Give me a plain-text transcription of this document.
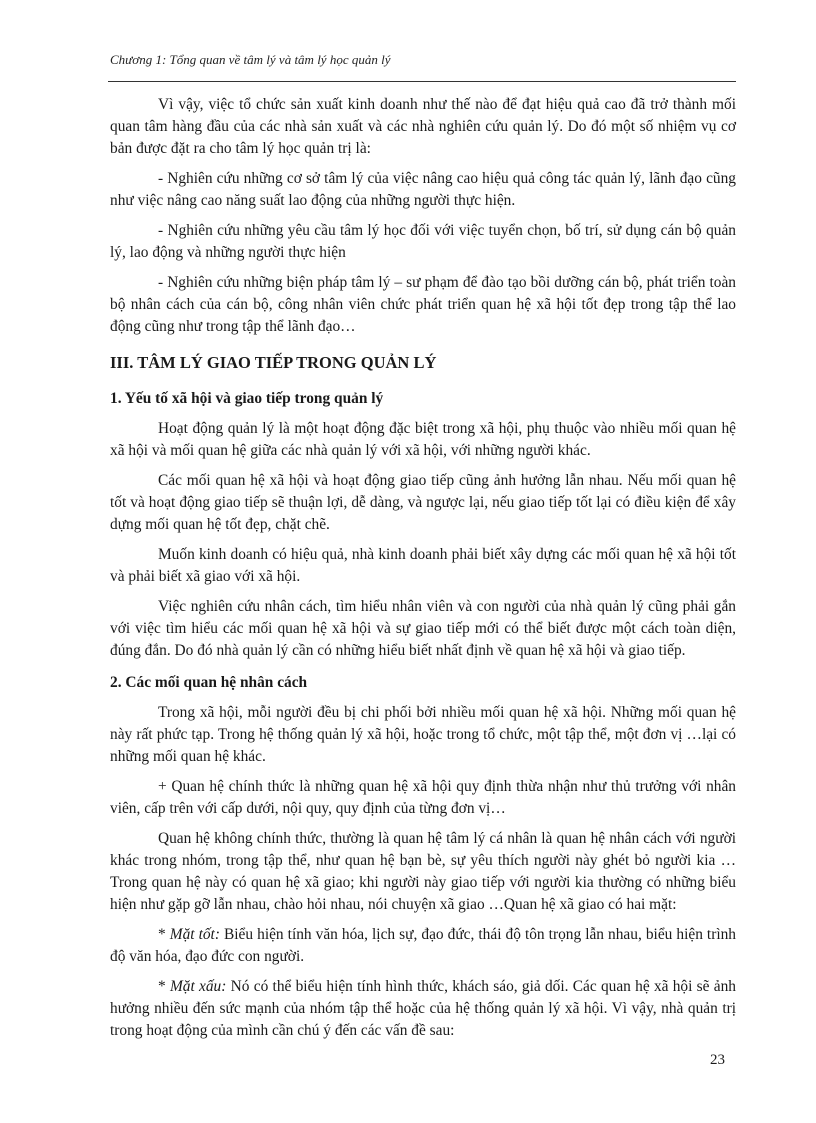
Chương 1: Tổng quan về tâm lý và tâm lý học quản lý

Vì vậy, việc tổ chức sản xuất kinh doanh như thế nào để đạt hiệu quả cao đã trở thành mối quan tâm hàng đầu của các nhà sản xuất và các nhà nghiên cứu quản lý. Do đó một số nhiệm vụ cơ bản được đặt ra cho tâm lý học quản trị là:

- Nghiên cứu những cơ sở tâm lý của việc nâng cao hiệu quả công tác quản lý, lãnh đạo cũng như việc nâng cao năng suất lao động của những người thực hiện.

- Nghiên cứu những yêu cầu tâm lý học đối với việc tuyển chọn, bố trí, sử dụng cán bộ quản lý, lao động và những người thực hiện

- Nghiên cứu những biện pháp tâm lý – sư phạm để đào tạo bồi dưỡng cán bộ, phát triển toàn bộ nhân cách của cán bộ, công nhân viên chức phát triển quan hệ xã hội tốt đẹp trong tập thể lao động cũng như trong tập thể lãnh đạo…

III. TÂM LÝ GIAO TIẾP TRONG QUẢN LÝ
1. Yếu tố xã hội và giao tiếp trong quản lý

Hoạt động quản lý là một hoạt động đặc biệt trong xã hội, phụ thuộc vào nhiều mối quan hệ xã hội và mối quan hệ giữa các nhà quản lý với xã hội, với những người khác.

Các mối quan hệ xã hội và hoạt động giao tiếp cũng ảnh hưởng lẫn nhau. Nếu mối quan hệ tốt và hoạt động giao tiếp sẽ thuận lợi, dễ dàng, và ngược lại, nếu giao tiếp tốt lại có điều kiện để xây dựng mối quan hệ tốt đẹp, chặt chẽ.

Muốn kinh doanh có hiệu quả, nhà kinh doanh phải biết xây dựng các mối quan hệ xã hội tốt và phải biết xã giao với xã hội.

Việc nghiên cứu nhân cách, tìm hiểu nhân viên và con người của nhà quản lý cũng phải gắn với việc tìm hiểu các mối quan hệ xã hội và sự giao tiếp mới có thể biết được một cách toàn diện, đúng đắn. Do đó nhà quản lý cần có những hiểu biết nhất định về quan hệ xã hội và giao tiếp.

2. Các mối quan hệ nhân cách

Trong xã hội, mỗi người đều bị chi phối bởi nhiều mối quan hệ xã hội. Những mối quan hệ này rất phức tạp. Trong hệ thống quản lý xã hội, hoặc trong tổ chức, một tập thể, một đơn vị …lại có những mối quan hệ khác.

+ Quan hệ chính thức là những quan hệ xã hội quy định thừa nhận như thủ trưởng với nhân viên, cấp trên với cấp dưới, nội quy, quy định của từng đơn vị…

Quan hệ không chính thức, thường là quan hệ tâm lý cá nhân là quan hệ nhân cách với người khác trong nhóm, trong tập thể, như quan hệ bạn bè, sự yêu thích người này ghét bỏ người kia …Trong quan hệ này có quan hệ xã giao; khi người này giao tiếp với người kia thường có những biểu hiện như gặp gỡ lẫn nhau, chào hỏi nhau, nói chuyện xã giao …Quan hệ xã giao có hai mặt:

* Mặt tốt: Biểu hiện tính văn hóa, lịch sự, đạo đức, thái độ tôn trọng lẫn nhau, biểu hiện trình độ văn hóa, đạo đức con người.

* Mặt xấu: Nó có thể biểu hiện tính hình thức, khách sáo, giả dối. Các quan hệ xã hội sẽ ảnh hưởng nhiều đến sức mạnh của nhóm tập thể hoặc của hệ thống quản lý xã hội. Vì vậy, nhà quản trị trong hoạt động của mình cần chú ý đến các vấn đề sau:

23
